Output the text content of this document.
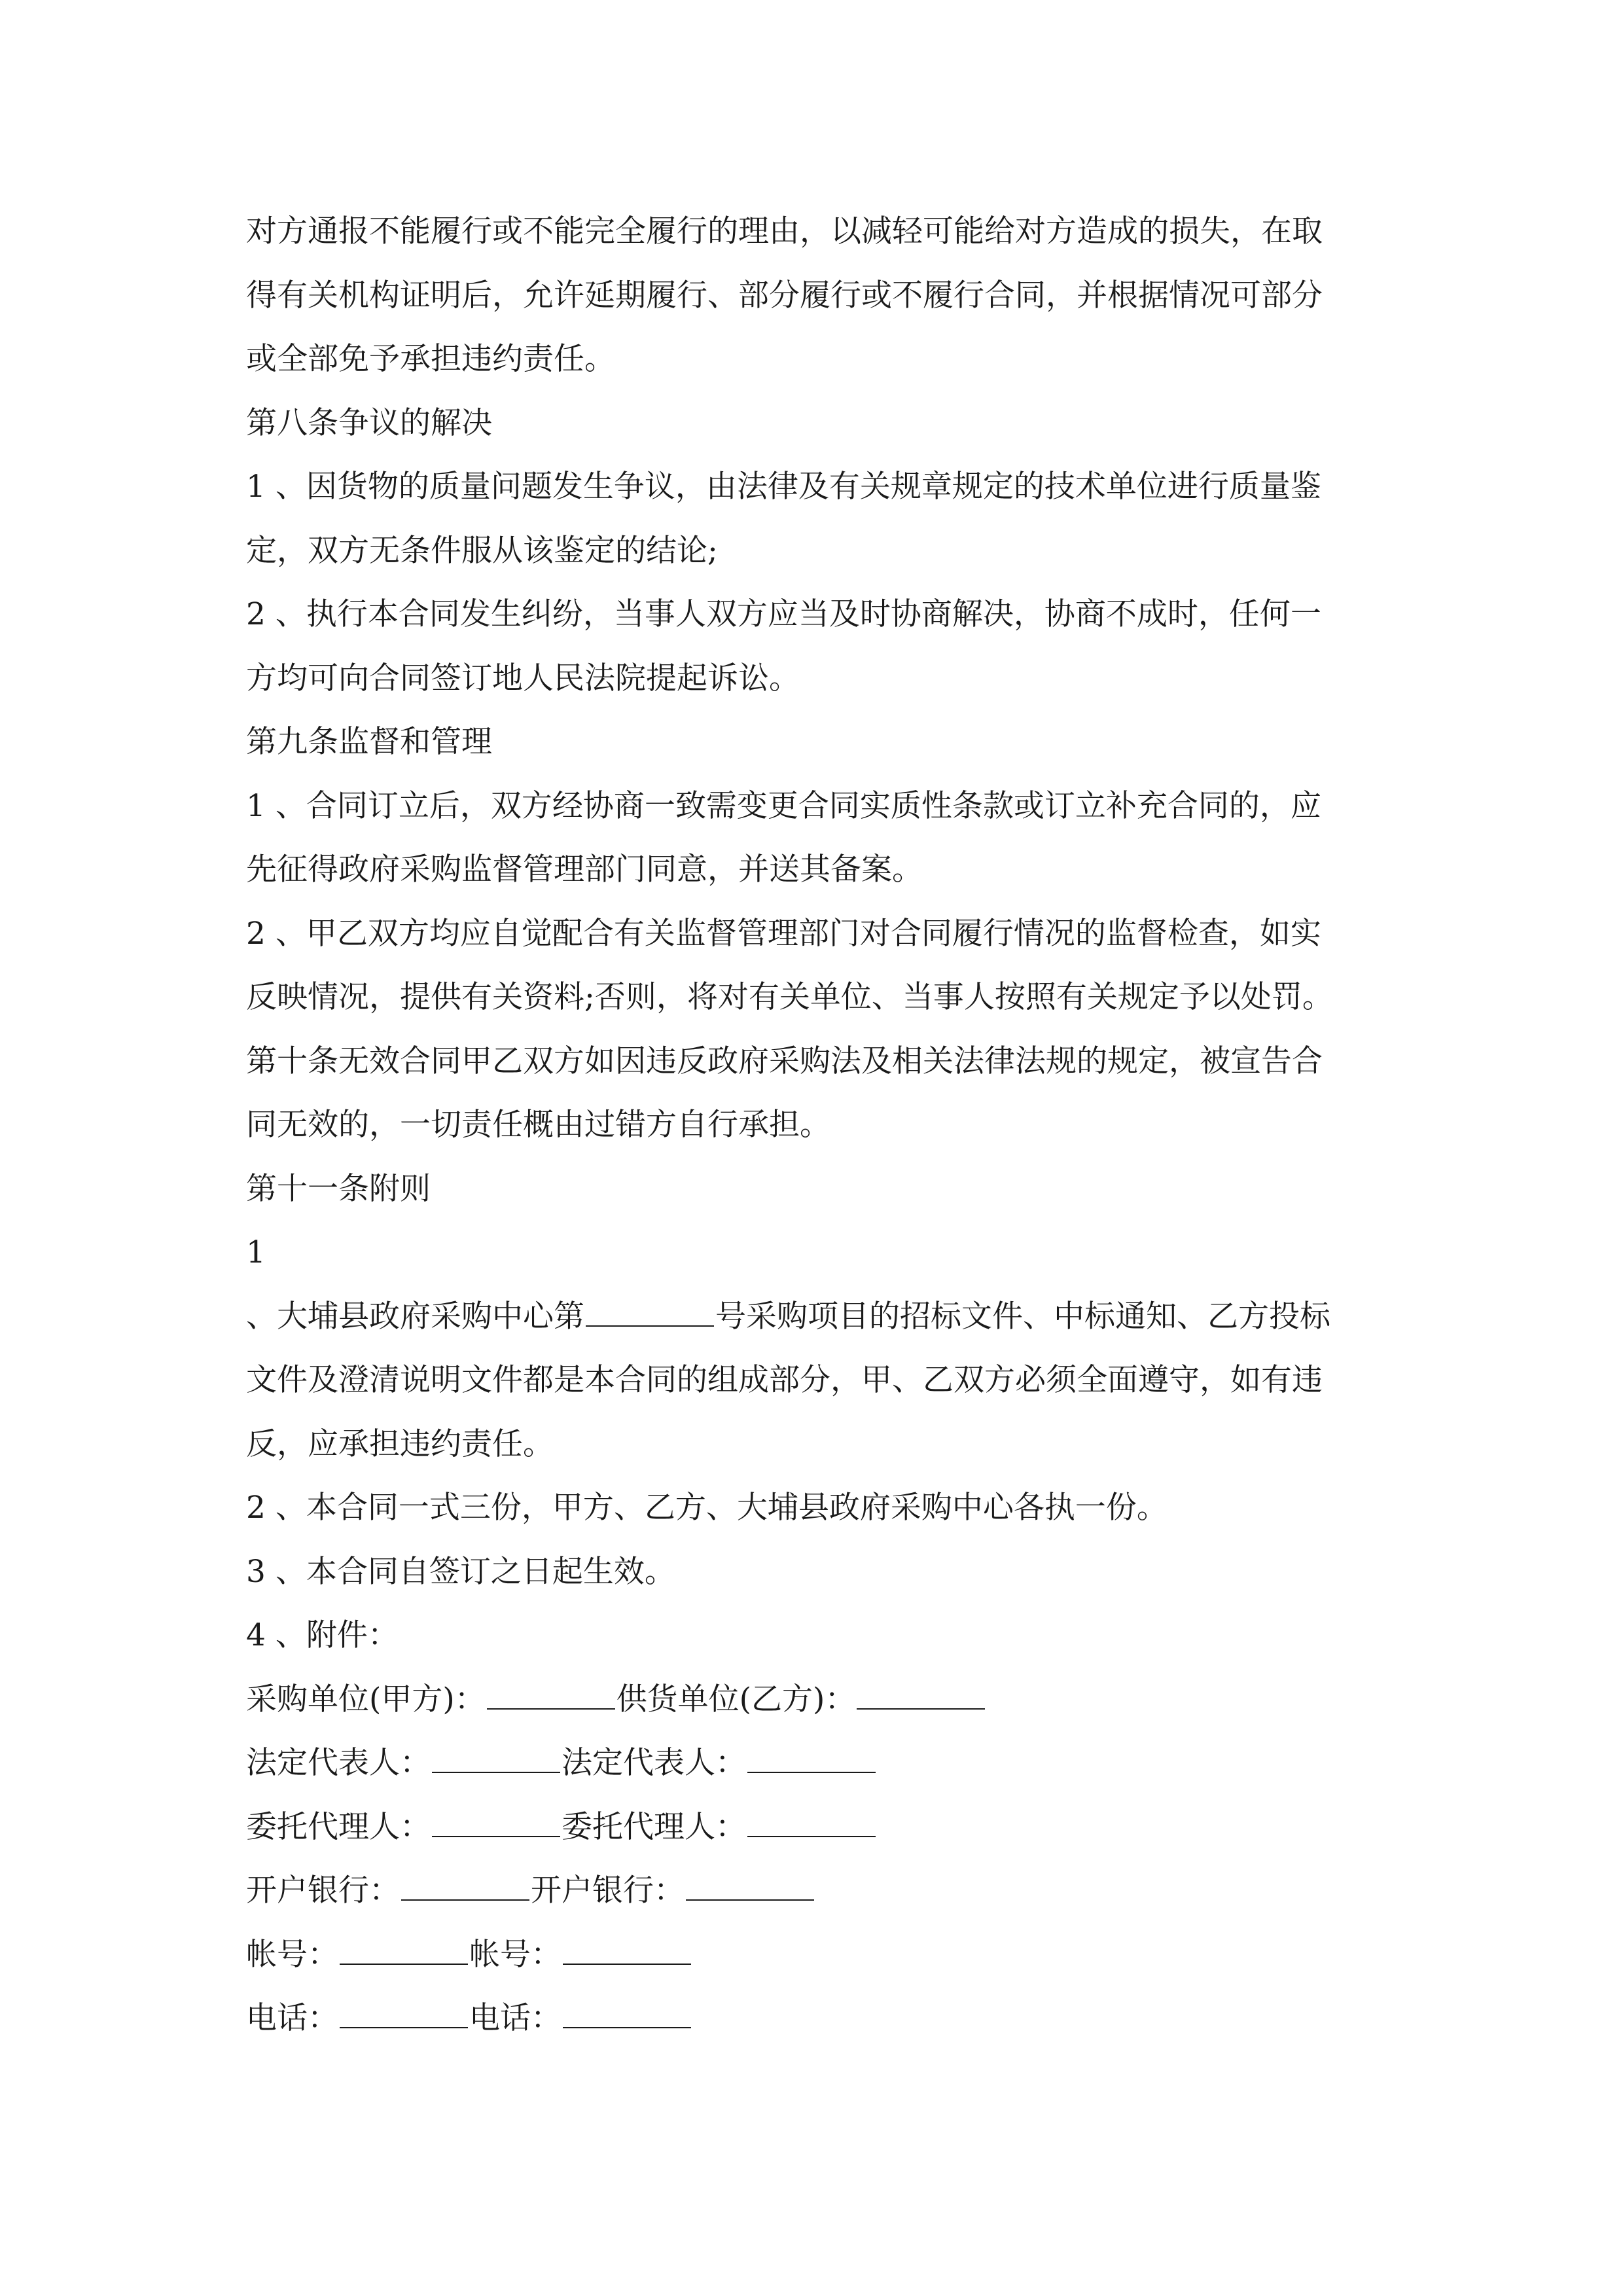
对方通报不能履行或不能完全履行的理由，以减轻可能给对方造成的损失，在取
得有关机构证明后，允许延期履行、部分履行或不履行合同，并根据情况可部分
或全部免予承担违约责任。
第八条争议的解决
1 、因货物的质量问题发生争议，由法律及有关规章规定的技术单位进行质量鉴
定，双方无条件服从该鉴定的结论;
2 、执行本合同发生纠纷，当事人双方应当及时协商解决，协商不成时，任何一
方均可向合同签订地人民法院提起诉讼。
第九条监督和管理
1 、合同订立后，双方经协商一致需变更合同实质性条款或订立补充合同的，应
先征得政府采购监督管理部门同意，并送其备案。
2 、甲乙双方均应自觉配合有关监督管理部门对合同履行情况的监督检查，如实
反映情况，提供有关资料;否则，将对有关单位、当事人按照有关规定予以处罚。
第十条无效合同甲乙双方如因违反政府采购法及相关法律法规的规定，被宣告合
同无效的，一切责任概由过错方自行承担。
第十一条附则
1
、大埔县政府采购中心第	号采购项目的招标文件、中标通知、乙方投标
文件及澄清说明文件都是本合同的组成部分，甲、乙双方必须全面遵守，如有违
反，应承担违约责任。
2 、本合同一式三份，甲方、乙方、大埔县政府采购中心各执一份。
3 、本合同自签订之日起生效。
4 、附件：
采购单位(甲方)：	供货单位(乙方)：
法定代表人：	法定代表人：
委托代理人：	委托代理人：
开户银行：	开户银行：
帐号：	帐号：
电话：	电话：
